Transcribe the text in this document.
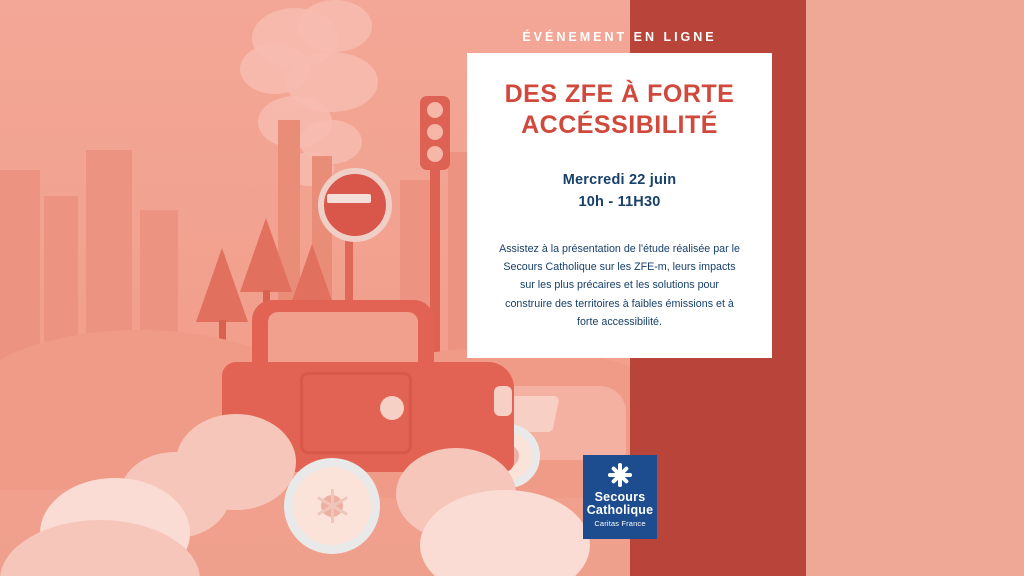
ÉVÉNEMENT EN LIGNE
DES ZFE À FORTE ACCÉSSIBILITÉ
Mercredi 22 juin
10h - 11H30

Assistez à la présentation de l'étude réalisée par le Secours Catholique sur les ZFE-m, leurs impacts sur les plus précaires et les solutions pour construire des territoires à faibles émissions et à forte accessibilité.

Secours
Catholique
Caritas France
